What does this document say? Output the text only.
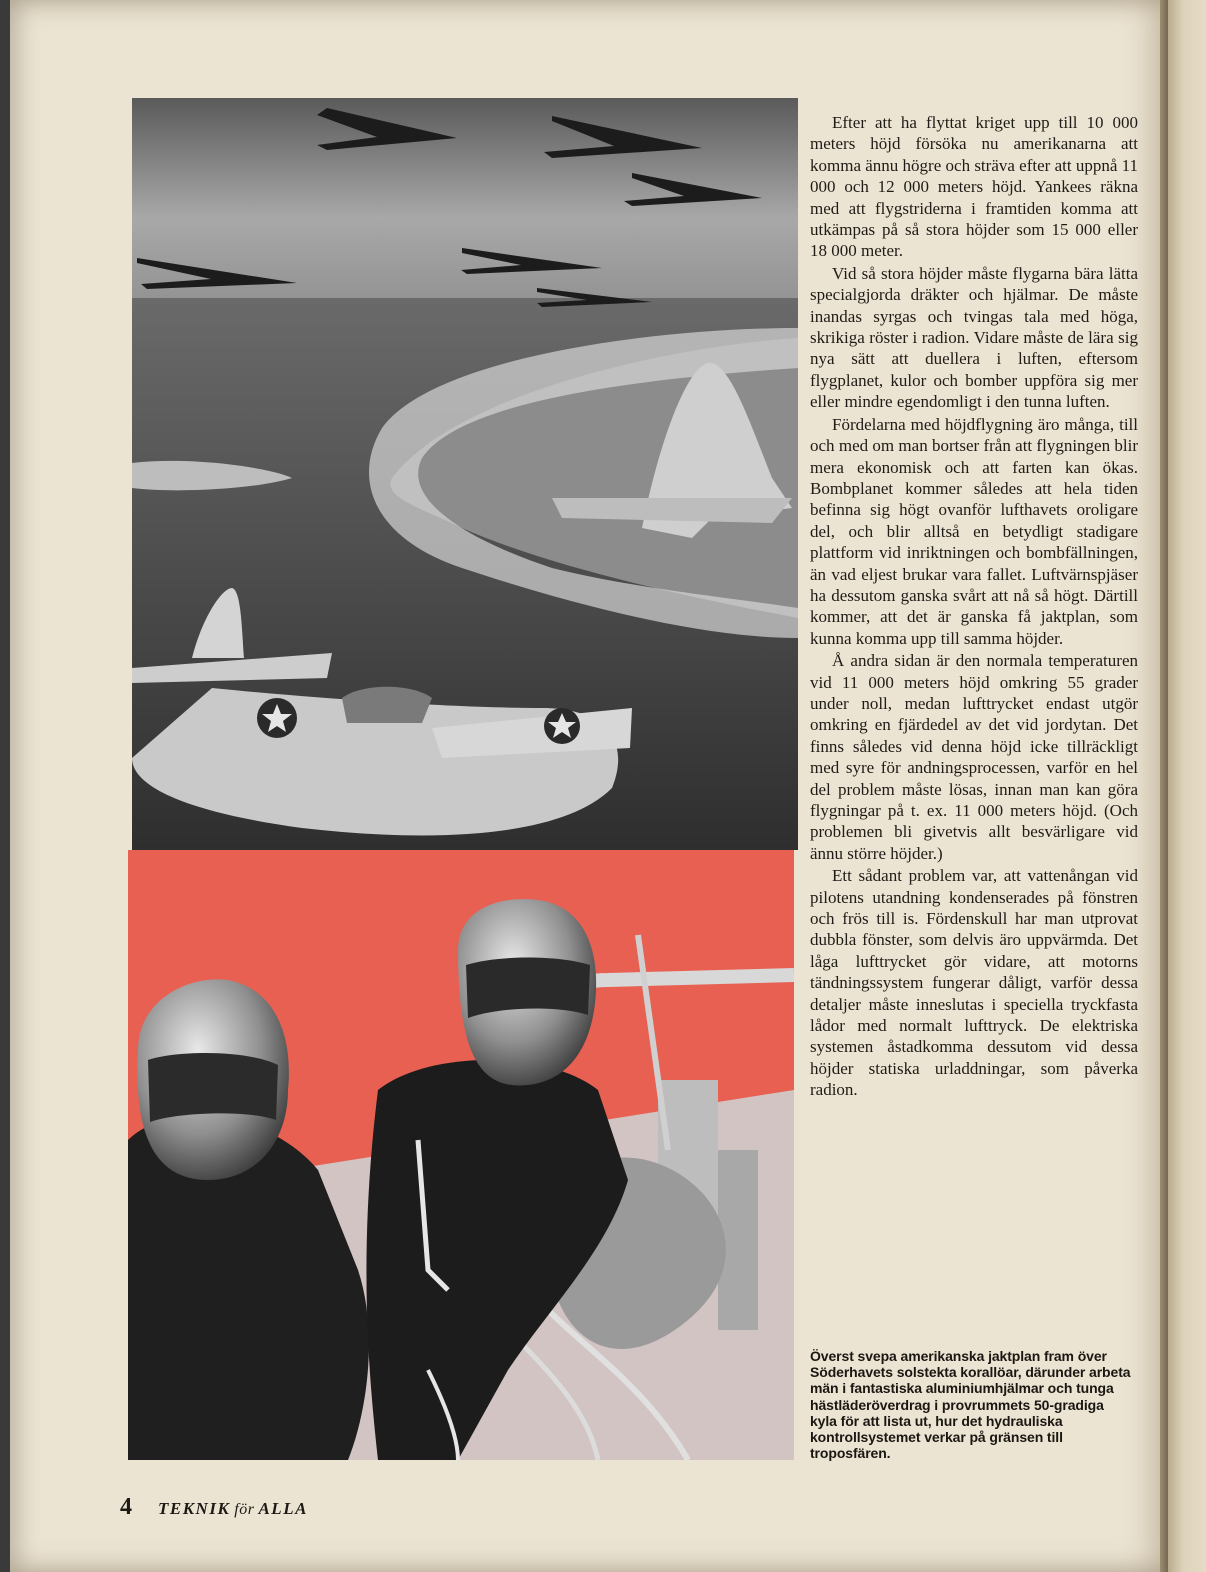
Efter att ha flyttat kriget upp till 10 000 meters höjd försöka nu amerikanarna att komma ännu högre och sträva efter att uppnå 11 000 och 12 000 meters höjd. Yankees räkna med att flygstriderna i framtiden komma att utkämpas på så stora höjder som 15 000 eller 18 000 meter.

Vid så stora höjder måste flygarna bära lätta specialgjorda dräkter och hjälmar. De måste inandas syrgas och tvingas tala med höga, skrikiga röster i radion. Vidare måste de lära sig nya sätt att duellera i luften, eftersom flygplanet, kulor och bomber uppföra sig mer eller mindre egendomligt i den tunna luften.

Fördelarna med höjdflygning äro många, till och med om man bortser från att flygningen blir mera ekonomisk och att farten kan ökas. Bombplanet kommer således att hela tiden befinna sig högt ovanför lufthavets oroligare del, och blir alltså en betydligt stadigare plattform vid inriktningen och bombfällningen, än vad eljest brukar vara fallet. Luftvärnspjäser ha dessutom ganska svårt att nå så högt. Därtill kommer, att det är ganska få jaktplan, som kunna komma upp till samma höjder.

Å andra sidan är den normala temperaturen vid 11 000 meters höjd omkring 55 grader under noll, medan lufttrycket endast utgör omkring en fjärdedel av det vid jordytan. Det finns således vid denna höjd icke tillräckligt med syre för andningsprocessen, varför en hel del problem måste lösas, innan man kan göra flygningar på t. ex. 11 000 meters höjd. (Och problemen bli givetvis allt besvärligare vid ännu större höjder.)

Ett sådant problem var, att vattenångan vid pilotens utandning kondenserades på fönstren och frös till is. Fördenskull har man utprovat dubbla fönster, som delvis äro uppvärmda. Det låga lufttrycket gör vidare, att motorns tändningssystem fungerar dåligt, varför dessa detaljer måste inneslutas i speciella tryckfasta lådor med normalt lufttryck. De elektriska systemen åstadkomma dessutom vid dessa höjder statiska urladdningar, som påverka radion.

Överst svepa amerikanska jaktplan fram över Söderhavets solstekta korallöar, därunder arbeta män i fantastiska aluminiumhjälmar och tunga hästläderöverdrag i provrummets 50-gradiga kyla för att lista ut, hur det hydrauliska kontrollsystemet verkar på gränsen till troposfären.
4 TEKNIK för ALLA
